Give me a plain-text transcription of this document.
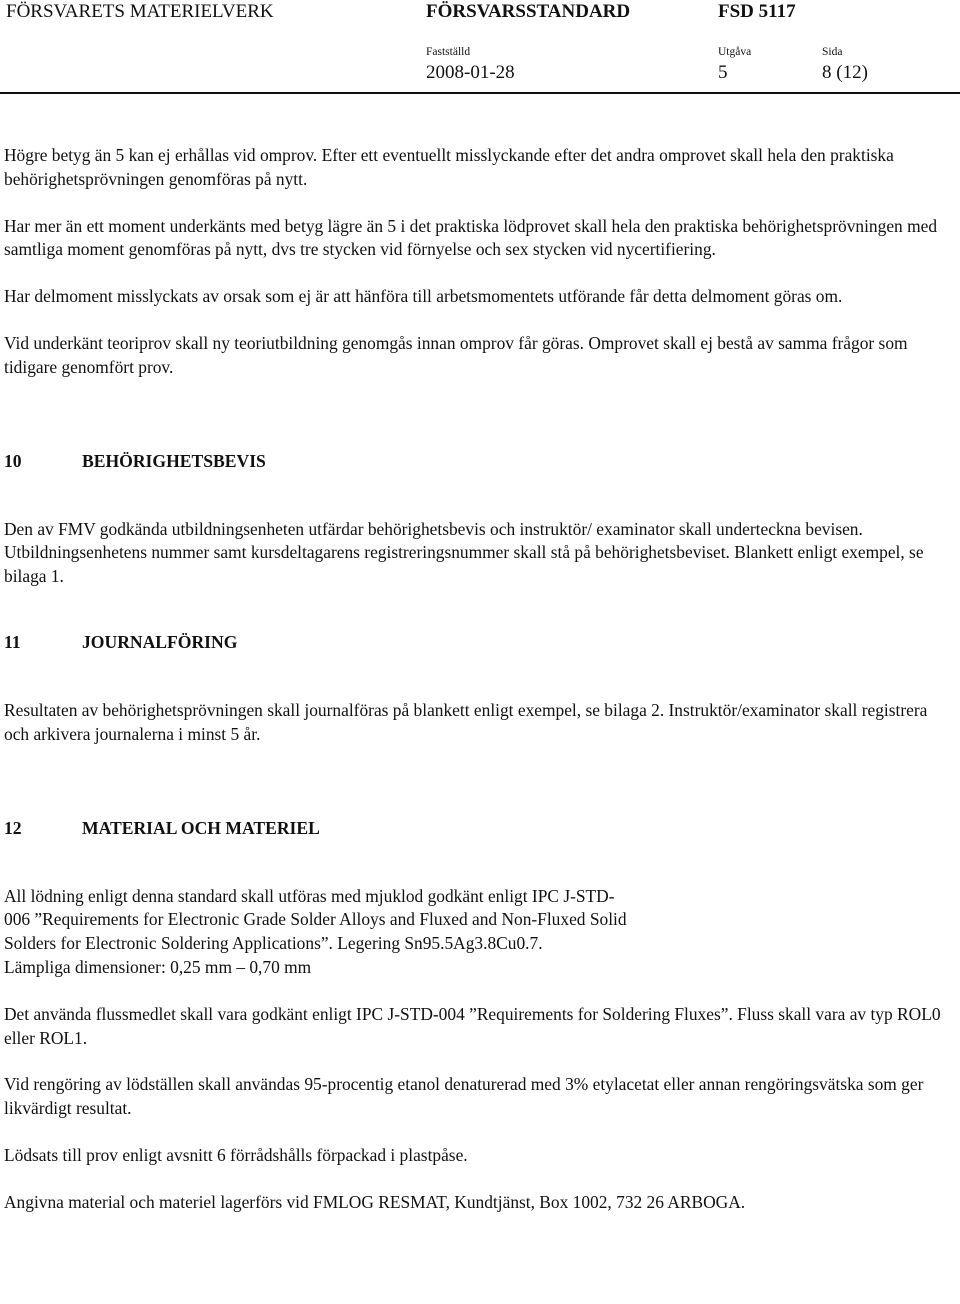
FÖRSVARETS MATERIELVERK	FÖRSVARSSTANDARD	FSD 5117
Fastställd	Utgåva	Sida
2008-01-28	5	8 (12)

Högre betyg än 5 kan ej erhållas vid omprov. Efter ett eventuellt misslyckande efter det andra omprovet skall hela den praktiska behörighetsprövningen genomföras på nytt.

Har mer än ett moment underkänts med betyg lägre än 5 i det praktiska lödprovet skall hela den praktiska behörighetsprövningen med samtliga moment genomföras på nytt, dvs tre stycken vid förnyelse och sex stycken vid nycertifiering.

Har delmoment misslyckats av orsak som ej är att hänföra till arbetsmomentets utförande får detta delmoment göras om.

Vid underkänt teoriprov skall ny teoriutbildning genomgås innan omprov får göras. Omprovet skall ej bestå av samma frågor som tidigare genomfört prov.

10	BEHÖRIGHETSBEVIS

Den av FMV godkända utbildningsenheten utfärdar behörighetsbevis och instruktör/ examinator skall underteckna bevisen. Utbildningsenhetens nummer samt kursdeltagarens registreringsnummer skall stå på behörighetsbeviset. Blankett enligt exempel, se bilaga 1.

11	JOURNALFÖRING

Resultaten av behörighetsprövningen skall journalföras på blankett enligt exempel, se bilaga 2. Instruktör/examinator skall registrera och arkivera journalerna i minst 5 år.

12	MATERIAL OCH MATERIEL

All lödning enligt denna standard skall utföras med mjuklod godkänt enligt IPC J-STD-
006 ”Requirements for Electronic Grade Solder Alloys and Fluxed and Non-Fluxed Solid
Solders for Electronic Soldering Applications”. Legering Sn95.5Ag3.8Cu0.7.
Lämpliga dimensioner: 0,25 mm – 0,70 mm

Det använda flussmedlet skall vara godkänt enligt IPC J-STD-004 ”Requirements for Soldering Fluxes”. Fluss skall vara av typ ROL0 eller ROL1.

Vid rengöring av lödställen skall användas 95-procentig etanol denaturerad med 3% etylacetat eller annan rengöringsvätska som ger likvärdigt resultat.

Lödsats till prov enligt avsnitt 6 förrådshålls förpackad i plastpåse.

Angivna material och materiel lagerförs vid FMLOG RESMAT, Kundtjänst, Box 1002, 732 26 ARBOGA.
